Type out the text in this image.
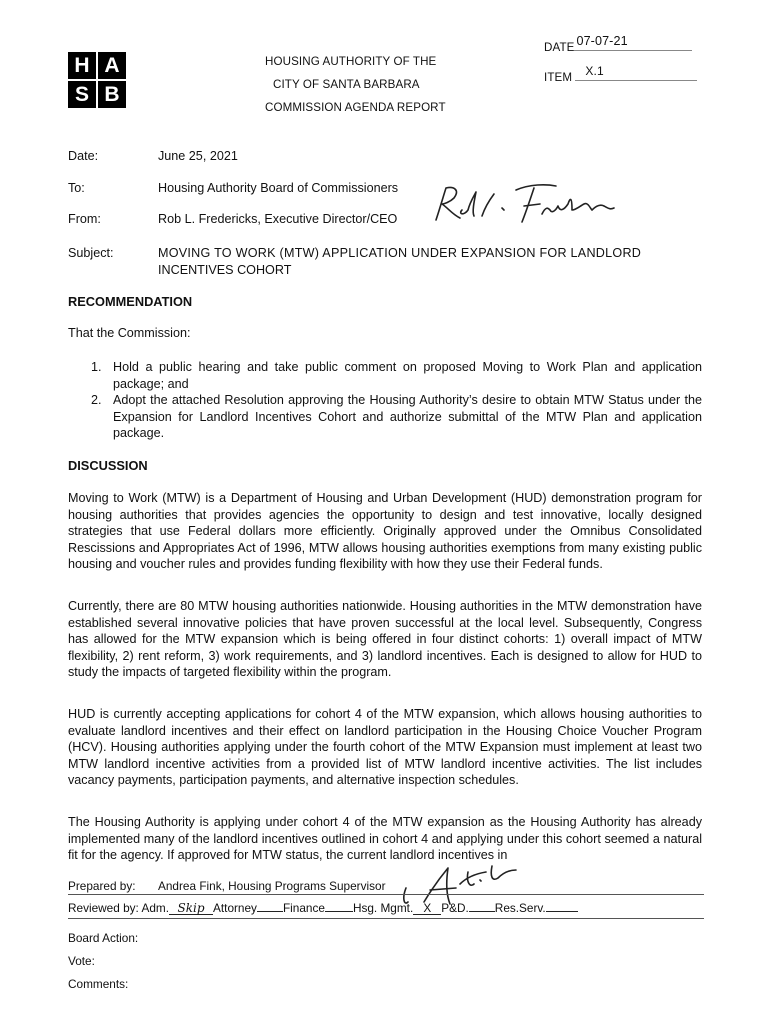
H A
S B
HOUSING AUTHORITY OF THE
CITY OF SANTA BARBARA
COMMISSION AGENDA REPORT
DATE 07-07-21
ITEM X.1
Date:	June 25, 2021
To:	Housing Authority Board of Commissioners
From:	Rob L. Fredericks, Executive Director/CEO
Subject:	MOVING TO WORK (MTW) APPLICATION UNDER EXPANSION FOR LANDLORD
INCENTIVES COHORT
RECOMMENDATION
That the Commission:
1. Hold a public hearing and take public comment on proposed Moving to Work Plan and application package; and
2. Adopt the attached Resolution approving the Housing Authority’s desire to obtain MTW Status under the Expansion for Landlord Incentives Cohort and authorize submittal of the MTW Plan and application package.
DISCUSSION
Moving to Work (MTW) is a Department of Housing and Urban Development (HUD) demonstration program for housing authorities that provides agencies the opportunity to design and test innovative, locally designed strategies that use Federal dollars more efficiently. Originally approved under the Omnibus Consolidated Rescissions and Appropriates Act of 1996, MTW allows housing authorities exemptions from many existing public housing and voucher rules and provides funding flexibility with how they use their Federal funds.
Currently, there are 80 MTW housing authorities nationwide. Housing authorities in the MTW demonstration have established several innovative policies that have proven successful at the local level. Subsequently, Congress has allowed for the MTW expansion which is being offered in four distinct cohorts: 1) overall impact of MTW flexibility, 2) rent reform, 3) work requirements, and 3) landlord incentives. Each is designed to allow for HUD to study the impacts of targeted flexibility within the program.
HUD is currently accepting applications for cohort 4 of the MTW expansion, which allows housing authorities to evaluate landlord incentives and their effect on landlord participation in the Housing Choice Voucher Program (HCV). Housing authorities applying under the fourth cohort of the MTW Expansion must implement at least two MTW landlord incentive activities from a provided list of MTW landlord incentive activities. The list includes vacancy payments, participation payments, and alternative inspection schedules.
The Housing Authority is applying under cohort 4 of the MTW expansion as the Housing Authority has already implemented many of the landlord incentives outlined in cohort 4 and applying under this cohort seemed a natural fit for the agency. If approved for MTW status, the current landlord incentives in
Prepared by: Andrea Fink, Housing Programs Supervisor
Reviewed by: Adm. Skip Attorney Finance Hsg. Mgmt. X P&D. Res.Serv.
Board Action:
Vote:
Comments:
